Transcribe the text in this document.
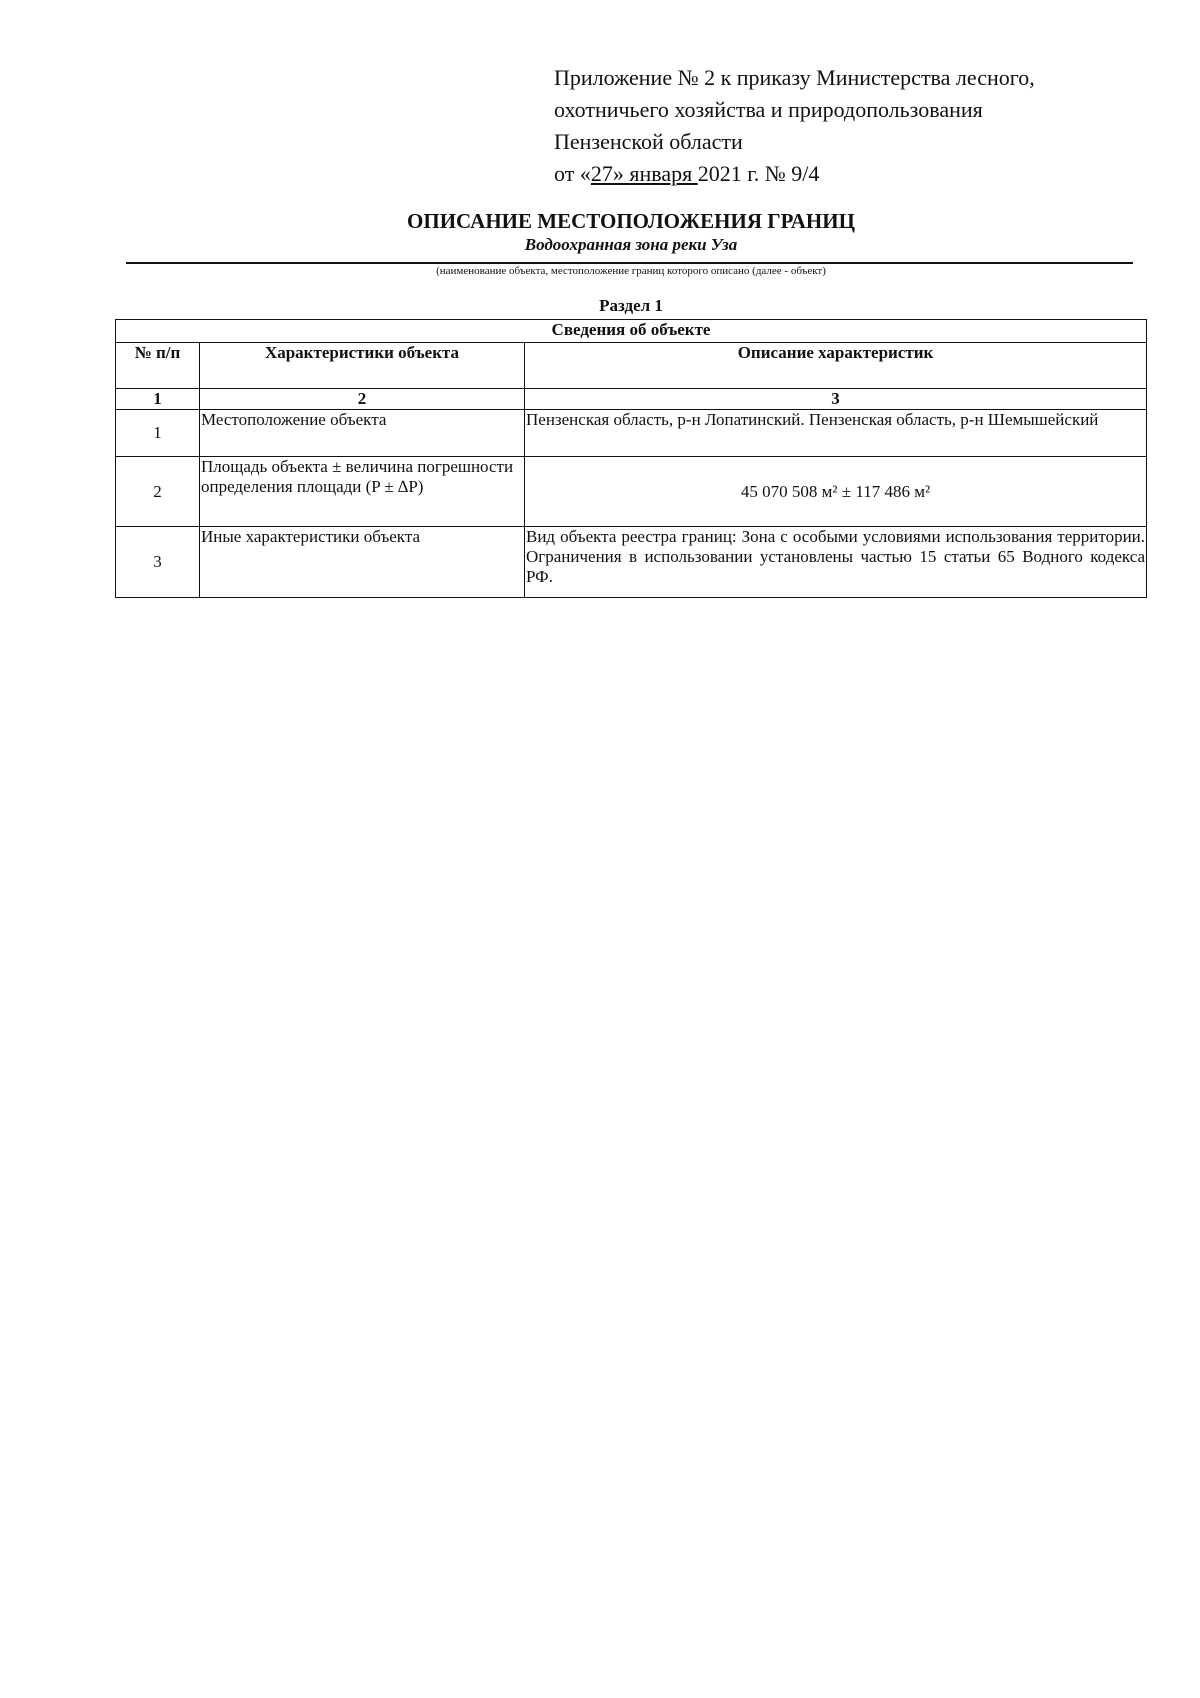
Приложение № 2 к приказу Министерства лесного,
охотничьего хозяйства и природопользования
Пензенской области
от «27» января 2021 г. № 9/4
ОПИСАНИЕ МЕСТОПОЛОЖЕНИЯ ГРАНИЦ
Водоохранная зона реки Уза
(наименование объекта, местоположение границ которого описано (далее - объект)
Раздел 1
Сведения об объекте		
№ п/п	Характеристики объекта	Описание характеристик
1	2	3
1	Местоположение объекта	Пензенская область, р-н Лопатинский. Пензенская область, р-н Шемышейский
2	Площадь объекта ± величина погрешности определения площади (P ± ∆P)	45 070 508 м² ± 117 486 м²
3	Иные характеристики объекта	Вид объекта реестра границ: Зона с особыми условиями использования территории. Ограничения в использовании установлены частью 15 статьи 65 Водного кодекса РФ.
